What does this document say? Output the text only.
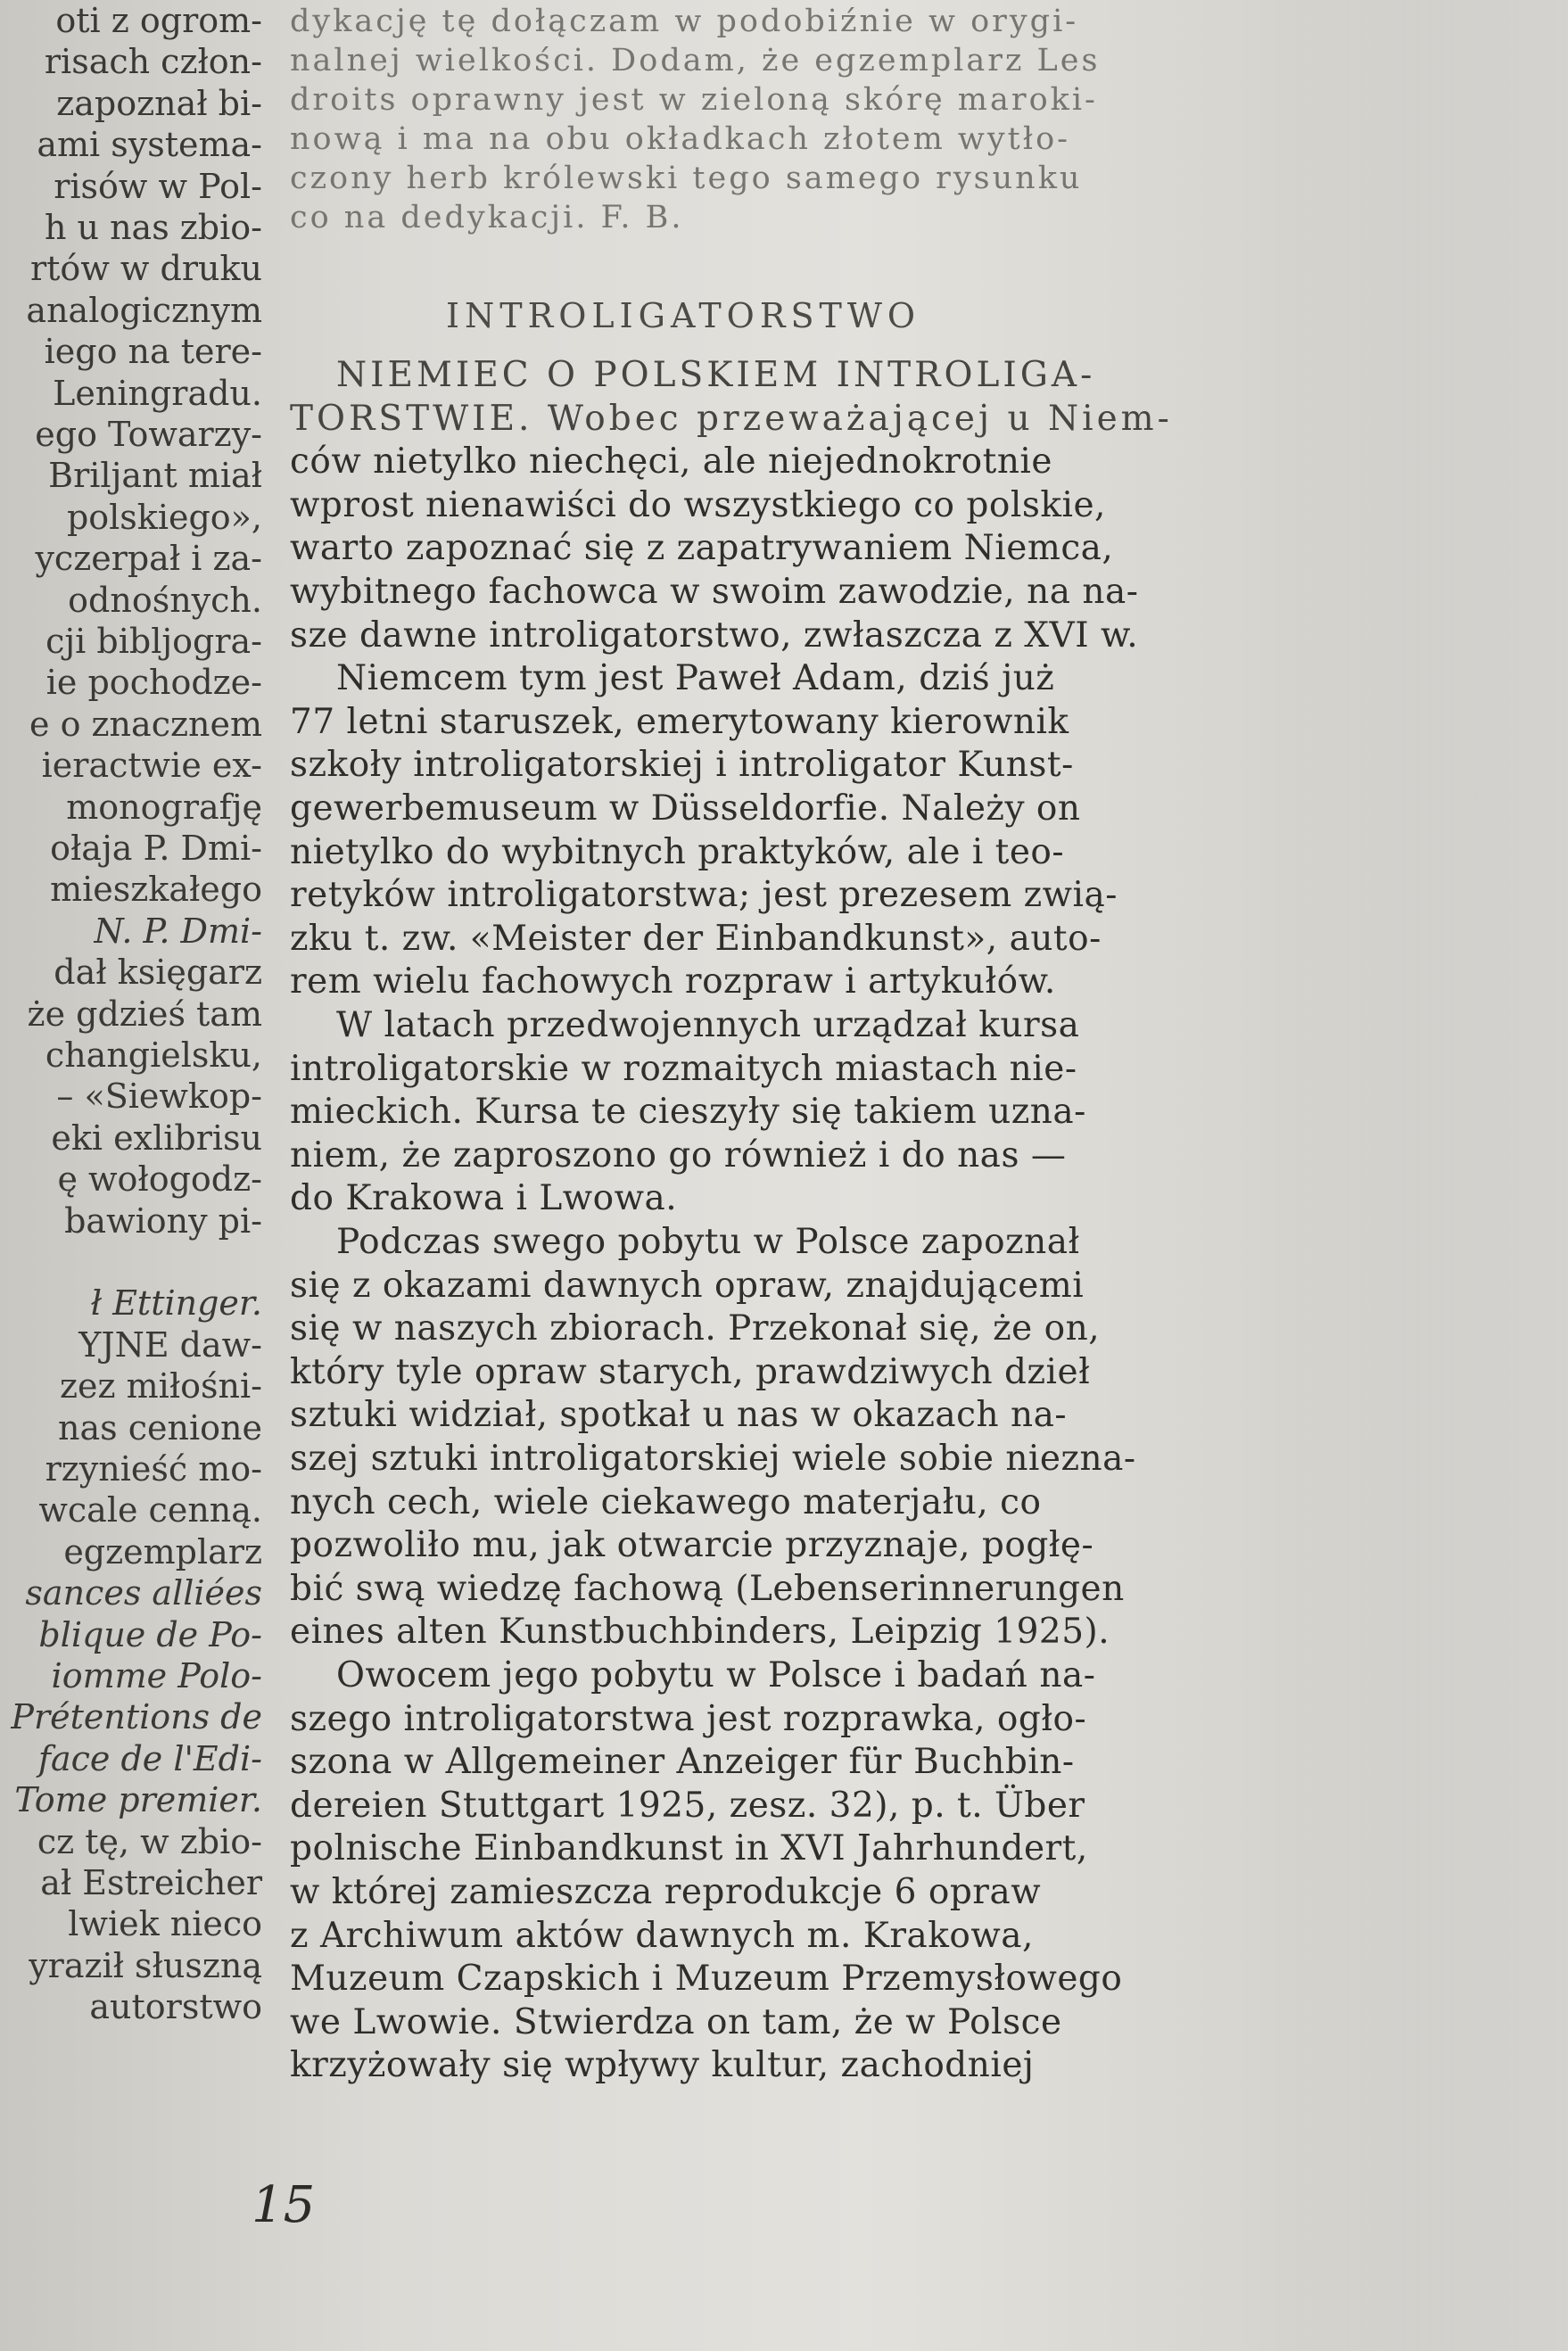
oti z ogrom-
risach człon-
zapoznał bi-
ami systema-
risów w Pol-
h u nas zbio-
rtów w druku
analogicznym
iego na tere-
Leningradu.
ego Towarzy-
Briljant miał
polskiego»,
yczerpał i za-
odnośnych.
cji bibljogra-
ie pochodze-
e o znacznem
ieractwie ex-
monografję
ołaja P. Dmi-
mieszkałego
N. P. Dmi-
dał księgarz
że gdzieś tam
changielsku,
– «Siewkop-
eki exlibrisu
ę wołogodz-
bawiony pi-
ł Ettinger.
YJNE daw-
zez miłośni-
nas cenione
rzynieść mo-
wcale cenną.
egzemplarz
sances alliées
blique de Po-
iomme Polo-
Prétentions de
face de l'Edi-
Tome premier.
cz tę, w zbio-
ał Estreicher
lwiek nieco
yraził słuszną
autorstwo
dykację tę dołączam w podobiźnie w orygi-
nalnej wielkości. Dodam, że egzemplarz Les
droits oprawny jest w zieloną skórę maroki-
nową i ma na obu okładkach złotem wytło-
czony herb królewski tego samego rysunku
co na dedykacji. F. B.
INTROLIGATORSTWO
NIEMIEC O POLSKIEM INTROLIGA-
TORSTWIE. Wobec przeważającej u Niem-
ców nietylko niechęci, ale niejednokrotnie
wprost nienawiści do wszystkiego co polskie,
warto zapoznać się z zapatrywaniem Niemca,
wybitnego fachowca w swoim zawodzie, na na-
sze dawne introligatorstwo, zwłaszcza z XVI w.
Niemcem tym jest Paweł Adam, dziś już
77 letni staruszek, emerytowany kierownik
szkoły introligatorskiej i introligator Kunst-
gewerbemuseum w Düsseldorfie. Należy on
nietylko do wybitnych praktyków, ale i teo-
retyków introligatorstwa; jest prezesem zwią-
zku t. zw. «Meister der Einbandkunst», auto-
rem wielu fachowych rozpraw i artykułów.
W latach przedwojennych urządzał kursa
introligatorskie w rozmaitych miastach nie-
mieckich. Kursa te cieszyły się takiem uzna-
niem, że zaproszono go również i do nas —
do Krakowa i Lwowa.
Podczas swego pobytu w Polsce zapoznał
się z okazami dawnych opraw, znajdującemi
się w naszych zbiorach. Przekonał się, że on,
który tyle opraw starych, prawdziwych dzieł
sztuki widział, spotkał u nas w okazach na-
szej sztuki introligatorskiej wiele sobie nieznа-
nych cech, wiele ciekawego materjału, co
pozwoliło mu, jak otwarcie przyznaje, pogłę-
bić swą wiedzę fachową (Lebenserinnerungen
eines alten Kunstbuchbinders, Leipzig 1925).
Owocem jego pobytu w Polsce i badań na-
szego introligatorstwa jest rozprawka, ogło-
szona w Allgemeiner Anzeiger für Buchbin-
dereien Stuttgart 1925, zesz. 32), p. t. Über
polnische Einbandkunst in XVI Jahrhundert,
w której zamieszcza reprodukcje 6 opraw
z Archiwum aktów dawnych m. Krakowa,
Muzeum Czapskich i Muzeum Przemysłowego
we Lwowie. Stwierdza on tam, że w Polsce
krzyżowały się wpływy kultur, zachodniej
15
